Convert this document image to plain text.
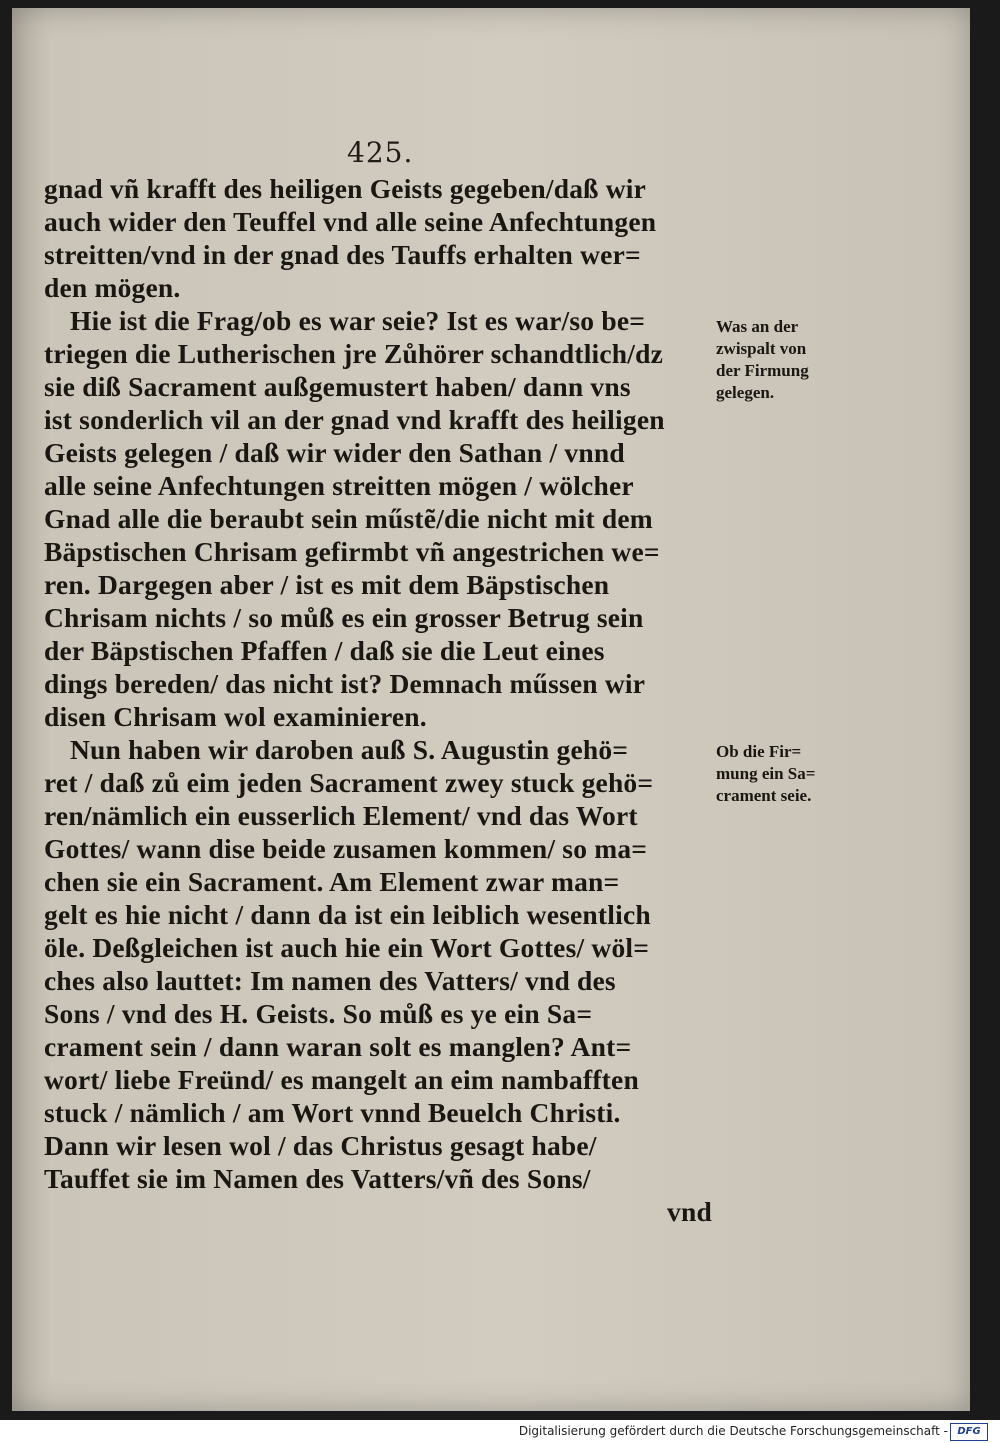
425.
gnad vñ krafft des heiligen Geists gegeben/daß wir
auch wider den Teuffel vnd alle seine Anfechtungen
streitten/vnd in der gnad des Tauffs erhalten wer=
den mögen.
Hie ist die Frag/ob es war seie? Ist es war/so be=
triegen die Lutherischen jre Zůhörer schandtlich/dz
sie diß Sacrament außgemustert haben/ dann vns
ist sonderlich vil an der gnad vnd krafft des heiligen
Geists gelegen / daß wir wider den Sathan / vnnd
alle seine Anfechtungen streitten mögen / wölcher
Gnad alle die beraubt sein műstẽ/die nicht mit dem
Bäpstischen Chrisam gefirmbt vñ angestrichen we=
ren. Dargegen aber / ist es mit dem Bäpstischen
Chrisam nichts / so můß es ein grosser Betrug sein
der Bäpstischen Pfaffen / daß sie die Leut eines
dings bereden/ das nicht ist? Demnach műssen wir
disen Chrisam wol examinieren.
Nun haben wir daroben auß S. Augustin gehö=
ret / daß zů eim jeden Sacrament zwey stuck gehö=
ren/nämlich ein eusserlich Element/ vnd das Wort
Gottes/ wann dise beide zusamen kommen/ so ma=
chen sie ein Sacrament. Am Element zwar man=
gelt es hie nicht / dann da ist ein leiblich wesentlich
öle. Deßgleichen ist auch hie ein Wort Gottes/ wöl=
ches also lauttet: Im namen des Vatters/ vnd des
Sons / vnd des H. Geists. So můß es ye ein Sa=
crament sein / dann waran solt es manglen? Ant=
wort/ liebe Freünd/ es mangelt an eim nambafften
stuck / nämlich / am Wort vnnd Beuelch Christi.
Dann wir lesen wol / das Christus gesagt habe/
Tauffet sie im Namen des Vatters/vñ des Sons/
vnd
Was an der
zwispalt von
der Firmung
gelegen.
Ob die Fir=
mung ein Sa=
crament seie.
Digitalisierung gefördert durch die Deutsche Forschungsgemeinschaft - DFG
